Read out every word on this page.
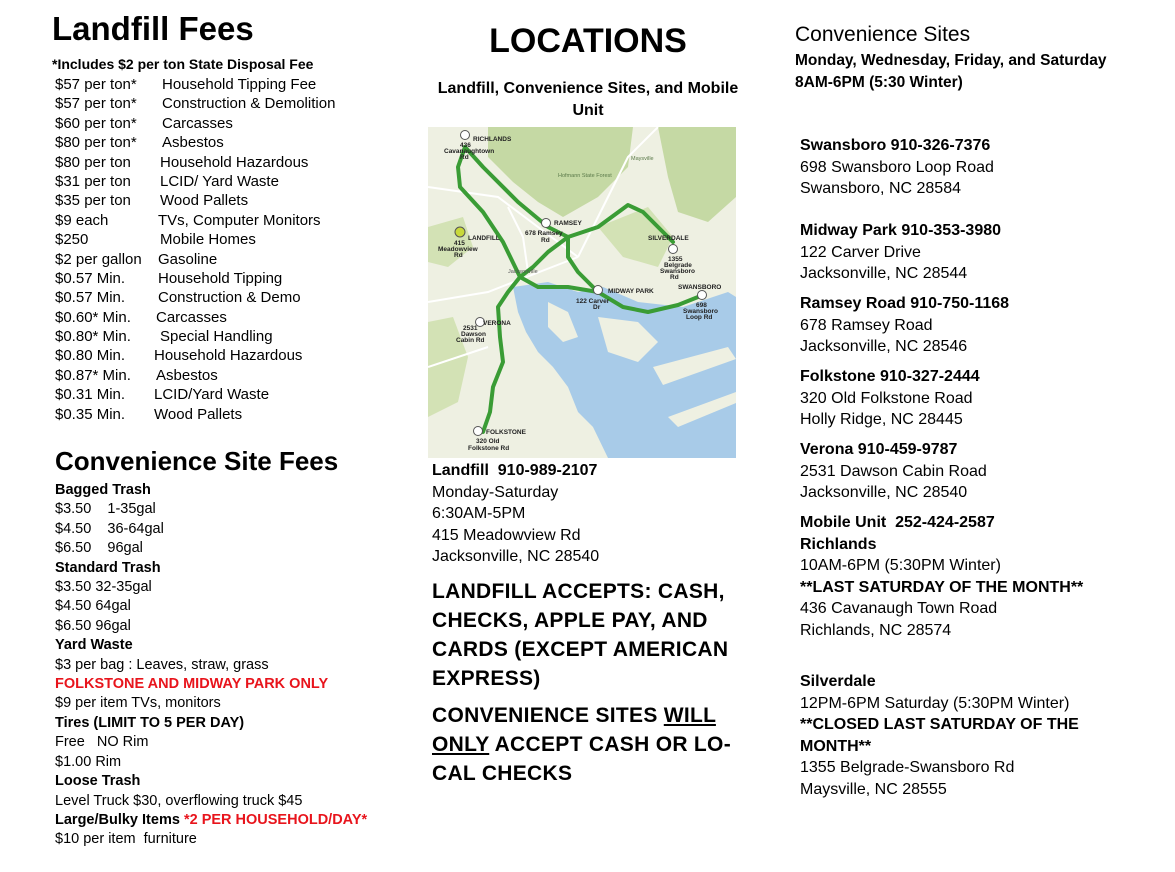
Landfill Fees
*Includes $2 per ton State Disposal Fee
$57 per ton* Household Tipping Fee
$57 per ton* Construction & Demolition
$60 per ton* Carcasses
$80 per ton* Asbestos
$80 per ton Household Hazardous
$31 per ton LCID/ Yard Waste
$35 per ton Wood Pallets
$9 each	TVs, Computer Monitors
$250	Mobile Homes
$2 per gallon Gasoline
$0.57 Min. Household Tipping
$0.57 Min. Construction & Demo
$0.60* Min. Carcasses
$0.80* Min. Special Handling
$0.80 Min. Household Hazardous
$0.87* Min. Asbestos
$0.31 Min. LCID/Yard Waste
$0.35 Min. Wood Pallets
Convenience Site Fees
Bagged Trash
$3.50    1-35gal
$4.50    36-64gal
$6.50    96gal
Standard Trash
$3.50 32-35gal
$4.50 64gal
$6.50 96gal
Yard Waste
$3 per bag : Leaves, straw, grass
FOLKSTONE AND MIDWAY PARK ONLY
$9 per item TVs, monitors
Tires (LIMIT TO 5 PER DAY)
Free   NO Rim
$1.00 Rim
Loose Trash
Level Truck $30, overflowing truck $45
Large/Bulky Items *2 PER HOUSEHOLD/DAY*
$10 per item  furniture
LOCATIONS
Landfill, Convenience Sites, and Mobile Unit
Landfill  910-989-2107
Monday-Saturday
6:30AM-5PM
415 Meadowview Rd
Jacksonville, NC 28540
LANDFILL ACCEPTS: CASH, CHECKS, APPLE PAY, AND CARDS (EXCEPT AMERICAN EXPRESS)
CONVENIENCE SITES WILL ONLY ACCEPT CASH OR LO-CAL CHECKS
RICHLANDS
436
Cavanaughtown
Rd
RAMSEY
678 Ramsey
Rd
LANDFILL
415
Meadowview
Rd
SILVERDALE
1355
Belgrade
Swansboro
Rd
MIDWAY PARK
122 Carver
Dr
SWANSBORO
698
Swansboro
Loop Rd
VERONA
2531
Dawson
Cabin Rd
FOLKSTONE
320 Old
Folkstone Rd
Hofmann State Forest
Maysville
Jacksonville
Convenience Sites
Monday, Wednesday, Friday, and Saturday
8AM-6PM (5:30 Winter)
Swansboro 910-326-7376
698 Swansboro Loop Road
Swansboro, NC 28584
Midway Park 910-353-3980
122 Carver Drive
Jacksonville, NC 28544
Ramsey Road 910-750-1168
678 Ramsey Road
Jacksonville, NC 28546
Folkstone 910-327-2444
320 Old Folkstone Road
Holly Ridge, NC 28445
Verona 910-459-9787
2531 Dawson Cabin Road
Jacksonville, NC 28540
Mobile Unit  252-424-2587
Richlands
10AM-6PM (5:30PM Winter)
**LAST SATURDAY OF THE MONTH**
436 Cavanaugh Town Road
Richlands, NC 28574
Silverdale
12PM-6PM Saturday (5:30PM Winter)
**CLOSED LAST SATURDAY OF THE MONTH**
1355 Belgrade-Swansboro Rd
Maysville, NC 28555
